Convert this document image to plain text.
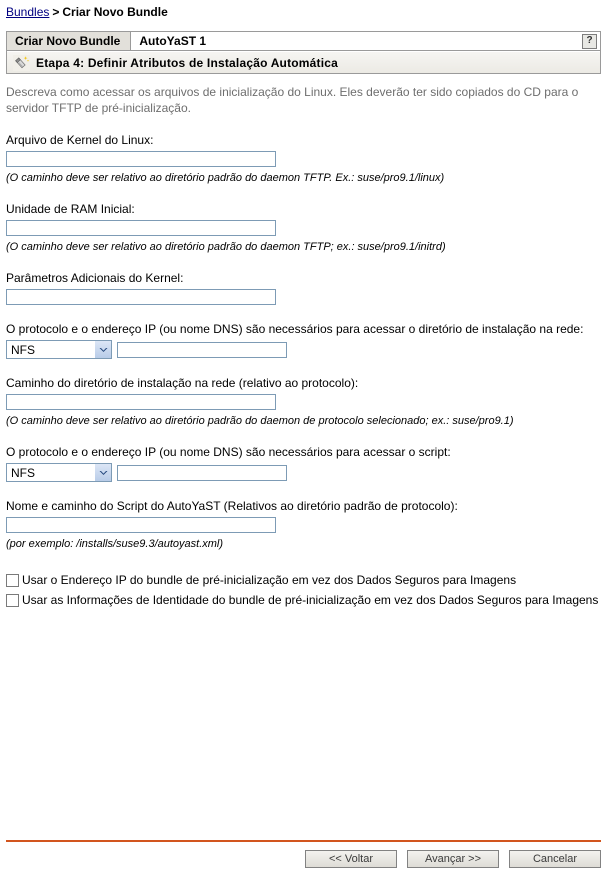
Bundles > Criar Novo Bundle
Criar Novo Bundle	AutoYaST 1	?
Etapa 4: Definir Atributos de Instalação Automática

Descreva como acessar os arquivos de inicialização do Linux. Eles deverão ter sido copiados do CD para o servidor TFTP de pré-inicialização.

Arquivo de Kernel do Linux:
(O caminho deve ser relativo ao diretório padrão do daemon TFTP. Ex.: suse/pro9.1/linux)
Unidade de RAM Inicial:
(O caminho deve ser relativo ao diretório padrão do daemon TFTP; ex.: suse/pro9.1/initrd)
Parâmetros Adicionais do Kernel:
O protocolo e o endereço IP (ou nome DNS) são necessários para acessar o diretório de instalação na rede:
NFS
Caminho do diretório de instalação na rede (relativo ao protocolo):
(O caminho deve ser relativo ao diretório padrão do daemon de protocolo selecionado; ex.: suse/pro9.1)
O protocolo e o endereço IP (ou nome DNS) são necessários para acessar o script:
NFS
Nome e caminho do Script do AutoYaST (Relativos ao diretório padrão de protocolo):
(por exemplo: /installs/suse9.3/autoyast.xml)
Usar o Endereço IP do bundle de pré-inicialização em vez dos Dados Seguros para Imagens
Usar as Informações de Identidade do bundle de pré-inicialização em vez dos Dados Seguros para Imagens
<< Voltar	Avançar >>	Cancelar
